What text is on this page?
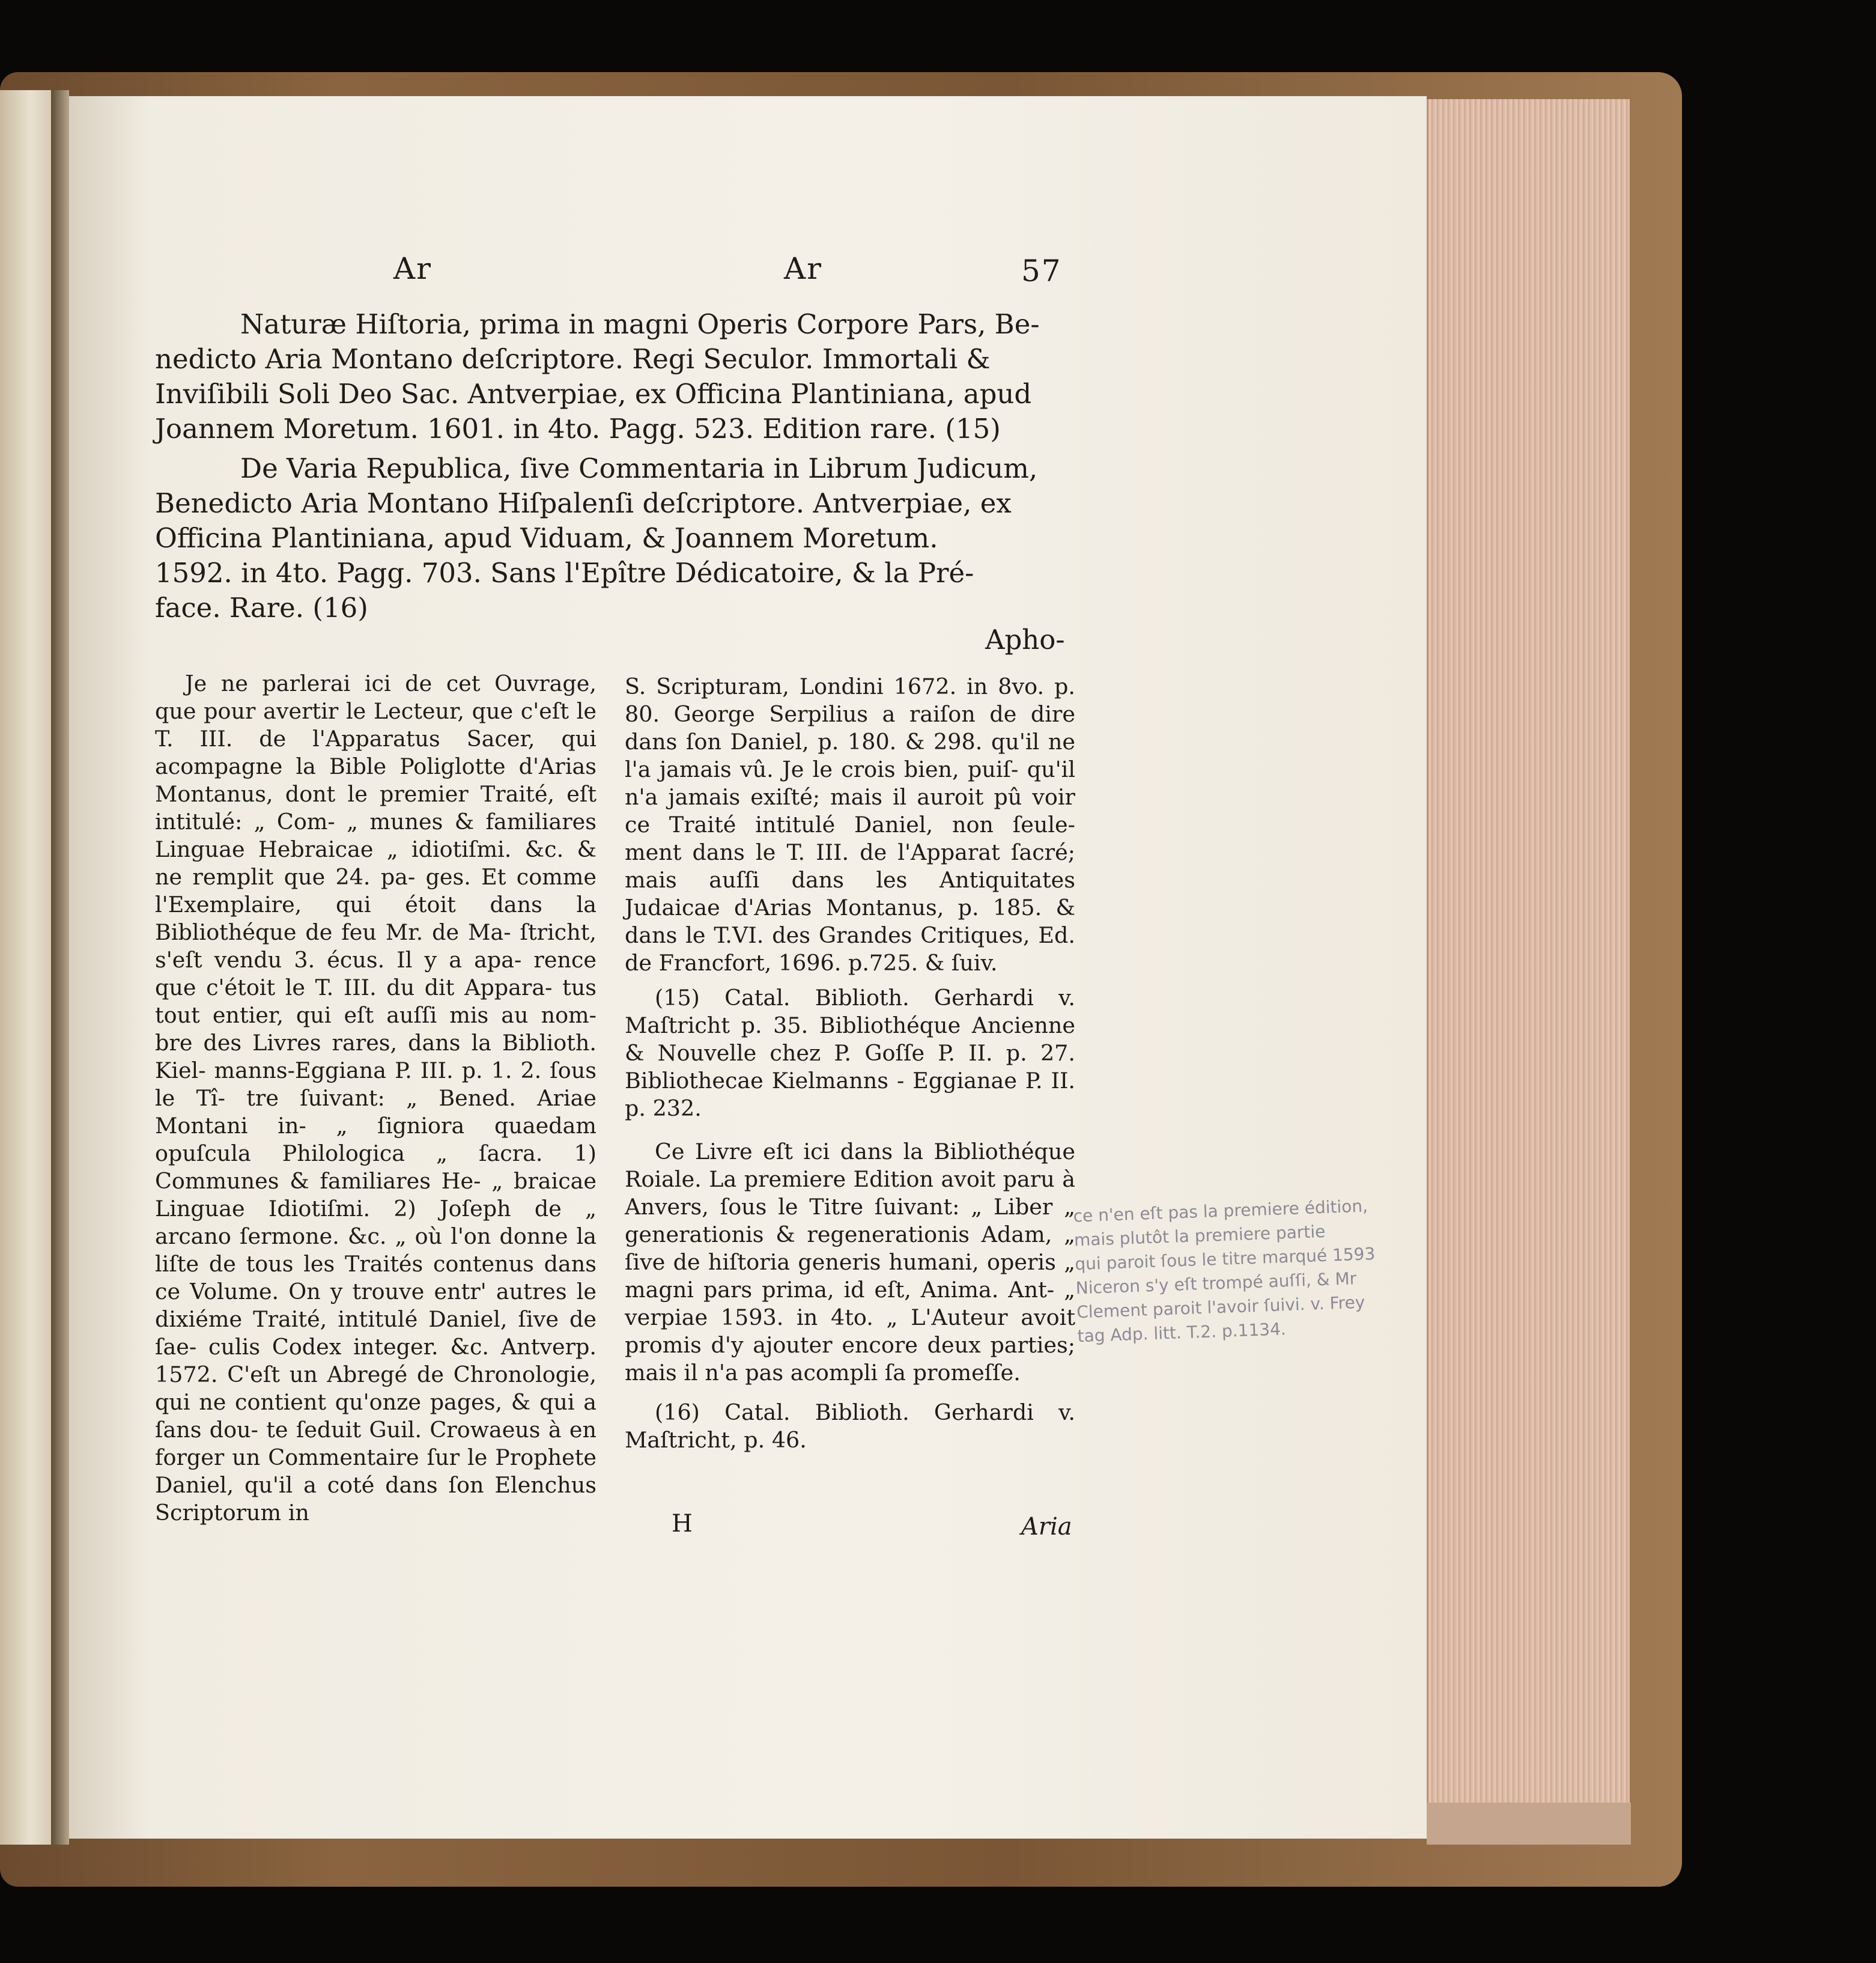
Ar	Ar	57
Naturæ Hiſtoria, prima in magni Operis Corpore Pars, Be-
nedicto Aria Montano deſcriptore. Regi Seculor. Immortali &
Inviſibili Soli Deo Sac. Antverpiae, ex Officina Plantiniana, apud
Joannem Moretum. 1601. in 4to. Pagg. 523. Edition rare. (15)
De Varia Republica, ſive Commentaria in Librum Judicum,
Benedicto Aria Montano Hiſpalenſi deſcriptore. Antverpiae, ex
Officina Plantiniana, apud Viduam, & Joannem Moretum.
1592. in 4to. Pagg. 703. Sans l'Epître Dédicatoire, & la Pré-
face. Rare. (16)
Apho-

Je ne parlerai ici de cet Ouvrage, que pour avertir le Lecteur, que c'eſt le T. III. de l'Apparatus Sacer, qui acompagne la Bible Poliglotte d'Arias Montanus, dont le premier Traité, eſt intitulé: „ Com- „ munes & familiares Linguae Hebraicae „ idiotiſmi. &c. & ne remplit que 24. pa- ges. Et comme l'Exemplaire, qui étoit dans la Bibliothéque de feu Mr. de Ma- ſtricht, s'eſt vendu 3. écus. Il y a apa- rence que c'étoit le T. III. du dit Appara- tus tout entier, qui eſt auſſi mis au nom- bre des Livres rares, dans la Biblioth. Kiel- manns-Eggiana P. III. p. 1. 2. ſous le Tî- tre ſuivant: „ Bened. Ariae Montani in- „ ſigniora quaedam opuſcula Philologica „ ſacra. 1) Communes & familiares He- „ braicae Linguae Idiotiſmi. 2) Joſeph de „ arcano ſermone. &c. „ où l'on donne la liſte de tous les Traités contenus dans ce Volume. On y trouve entr' autres le dixiéme Traité, intitulé Daniel, ſive de ſae- culis Codex integer. &c. Antverp. 1572. C'eſt un Abregé de Chronologie, qui ne contient qu'onze pages, & qui a ſans dou- te ſeduit Guil. Crowaeus à en forger un Commentaire ſur le Prophete Daniel, qu'il a coté dans ſon Elenchus Scriptorum in

S. Scripturam, Londini 1672. in 8vo. p. 80. George Serpilius a raiſon de dire dans ſon Daniel, p. 180. & 298. qu'il ne l'a jamais vû. Je le crois bien, puiſ- qu'il n'a jamais exiſté; mais il auroit pû voir ce Traité intitulé Daniel, non ſeule- ment dans le T. III. de l'Apparat ſacré; mais auſſi dans les Antiquitates Judaicae d'Arias Montanus, p. 185. & dans le T.VI. des Grandes Critiques, Ed. de Francfort, 1696. p.725. & ſuiv.

(15) Catal. Biblioth. Gerhardi v. Maſtricht p. 35. Bibliothéque Ancienne & Nouvelle chez P. Goſſe P. II. p. 27. Bibliothecae Kielmanns - Eggianae P. II. p. 232.

Ce Livre eſt ici dans la Bibliothéque Roiale. La premiere Edition avoit paru à Anvers, ſous le Titre ſuivant: „ Liber „ generationis & regenerationis Adam, „ ſive de hiſtoria generis humani, operis „ magni pars prima, id eſt, Anima. Ant- „ verpiae 1593. in 4to. „ L'Auteur avoit promis d'y ajouter encore deux parties; mais il n'a pas acompli ſa promeſſe.

(16) Catal. Biblioth. Gerhardi v. Maſtricht, p. 46.

H	Aria
ce n'en eſt pas la premiere édition,
mais plutôt la premiere partie
qui paroit ſous le titre marqué 1593
Niceron s'y eſt trompé auſſi, & Mr
Clement paroit l'avoir ſuivi. v. Frey
tag Adp. litt. T.2. p.1134.
